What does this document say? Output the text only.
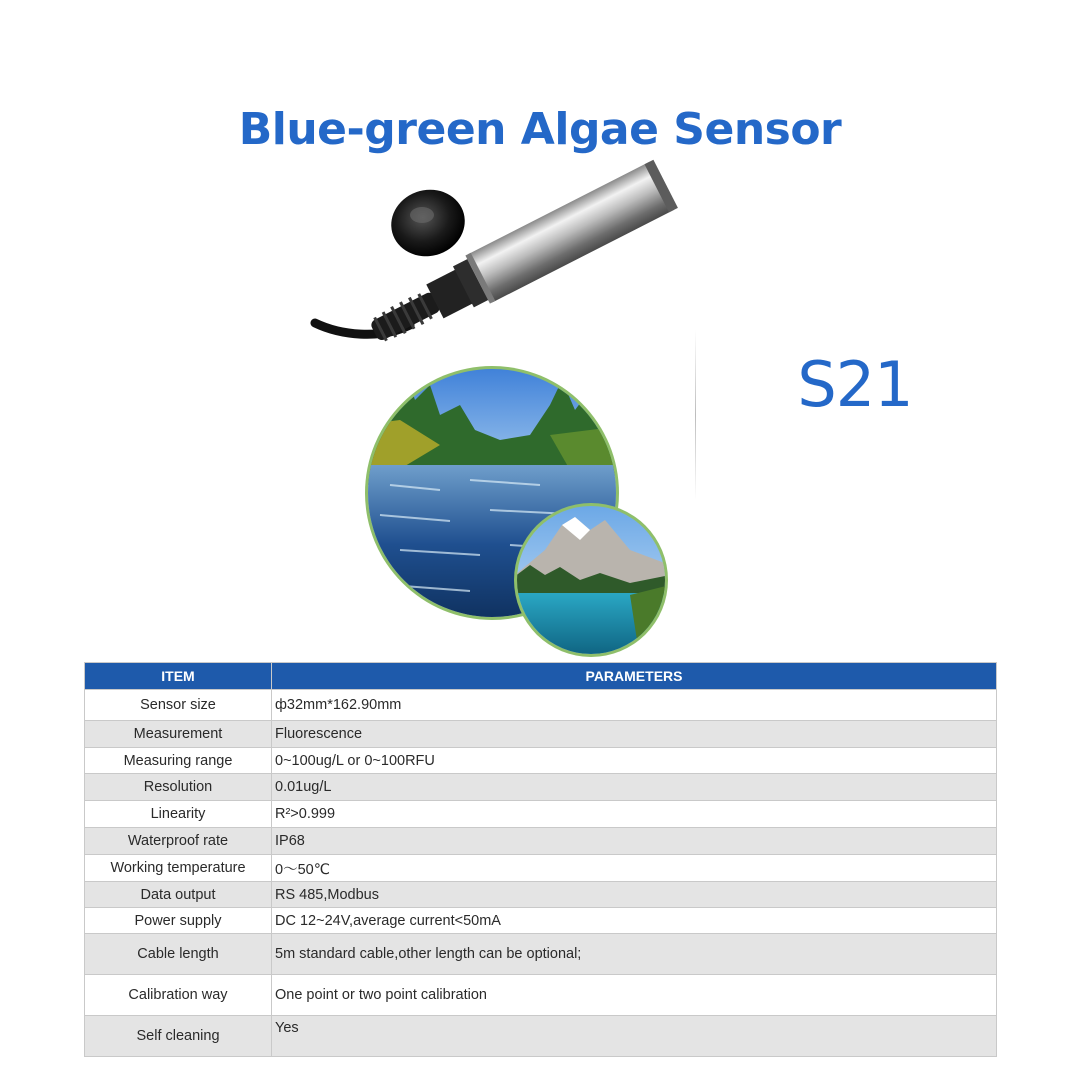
Blue-green Algae Sensor
S21
ITEM	PARAMETERS
Sensor size	ф32mm*162.90mm
Measurement	Fluorescence
Measuring range	0~100ug/L or 0~100RFU
Resolution	0.01ug/L
Linearity	R²>0.999
Waterproof rate	IP68
Working temperature	0～50℃
Data output	RS 485,Modbus
Power supply	DC 12~24V,average current<50mA
Cable length	5m standard cable,other length can be optional;
Calibration way	One point or two point calibration
Self cleaning	Yes
